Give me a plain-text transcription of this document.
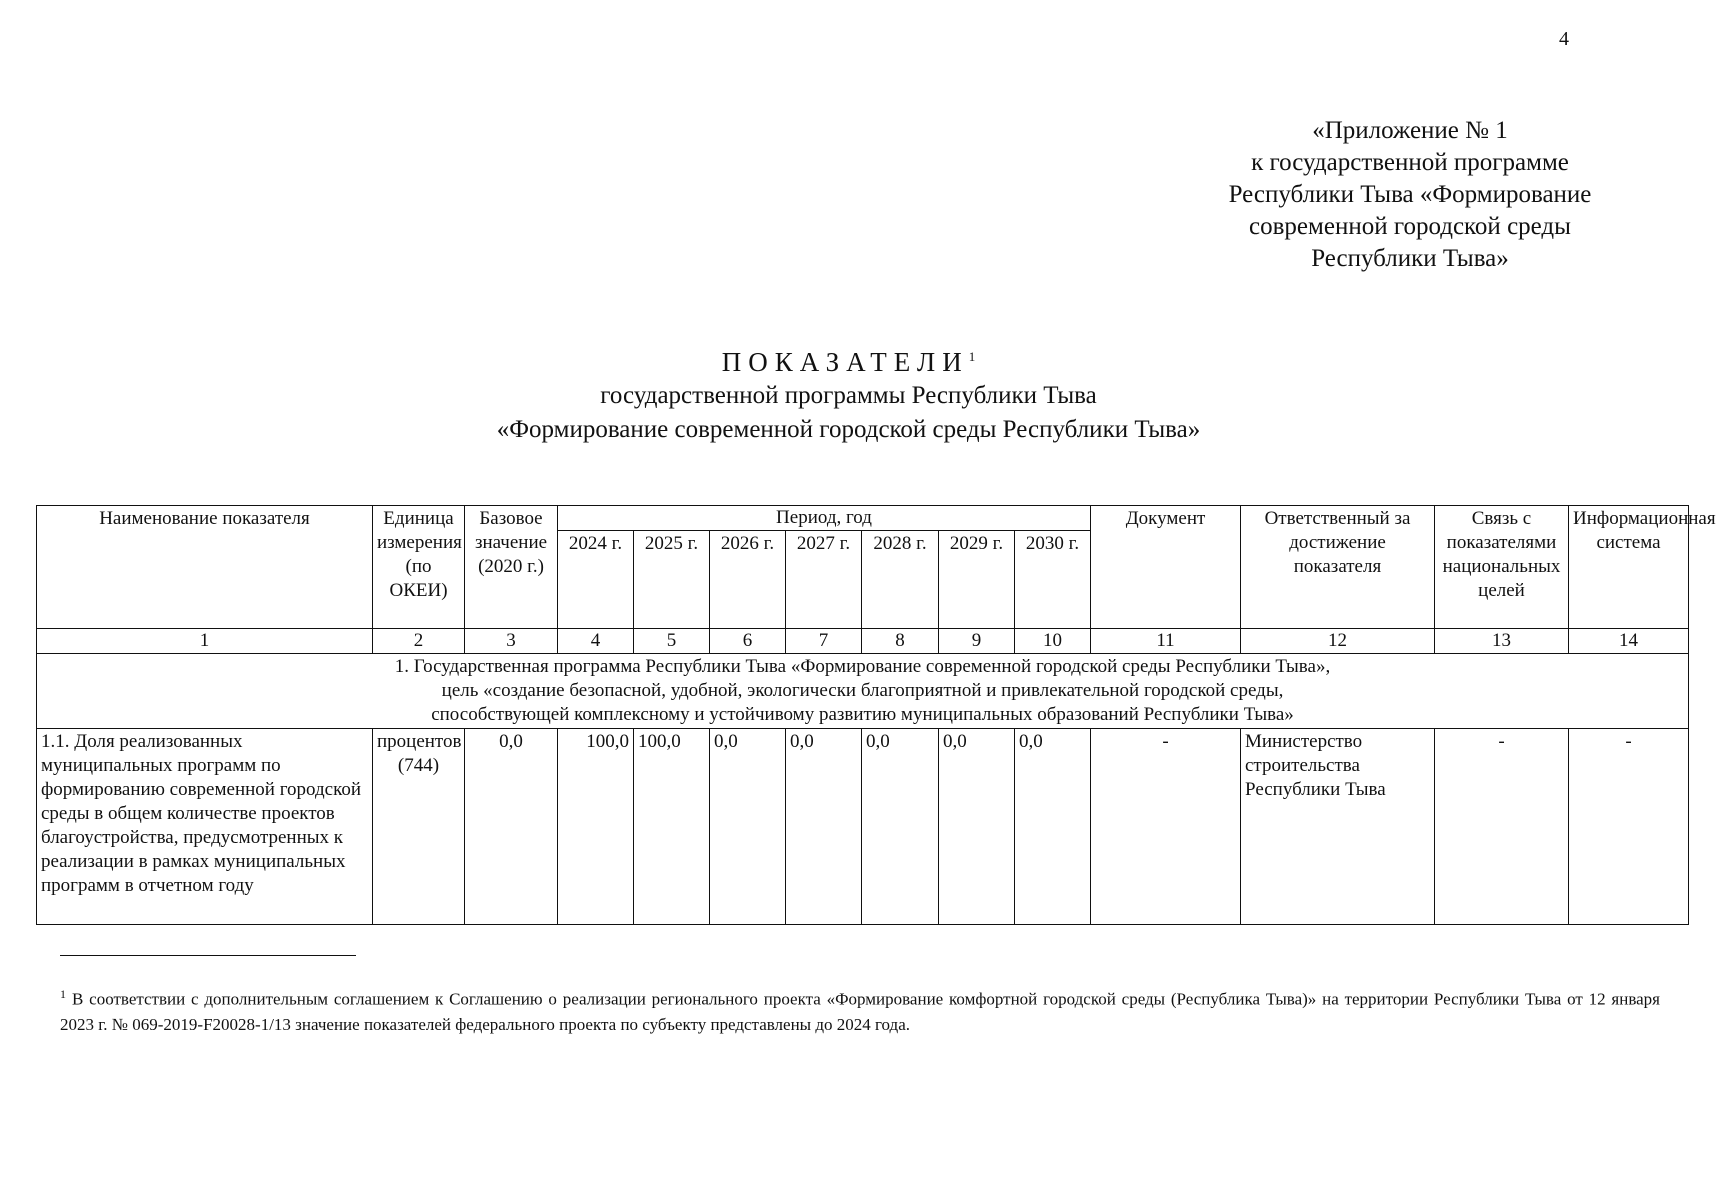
4
«Приложение № 1
к государственной программе
Республики Тыва «Формирование
современной городской среды
Республики Тыва»
ПОКАЗАТЕЛИ$^1$
государственной программы Республики Тыва
«Формирование современной городской среды Республики Тыва»
Наименование показателя	Единица измерения (по ОКЕИ)	Базовое значение (2020 г.)	Период, год							Документ	Ответственный за достижение показателя	Связь с показателями национальных целей	Информационная система
			2024 г.	2025 г.	2026 г.	2027 г.	2028 г.	2029 г.	2030 г.				
1	2	3	4	5	6	7	8	9	10	11	12	13	14

1. Государственная программа Республики Тыва «Формирование современной городской среды Республики Тыва»,
цель «создание безопасной, удобной, экологически благоприятной и привлекательной городской среды,
способствующей комплексному и устойчивому развитию муниципальных образований Республики Тыва»													

1.1. Доля реализованных муниципальных программ по формированию современной городской среды в общем количестве проектов благоустройства, предусмотренных к реализации в рамках муниципальных программ в отчетном году	процентов (744)	0,0	100,0	100,0	0,0	0,0	0,0	0,0	0,0	-	Министерство строительства Республики Тыва	-	-
$^1$ В соответствии с дополнительным соглашением к Соглашению о реализации регионального проекта «Формирование комфортной городской среды (Республика Тыва)» на территории Республики Тыва от 12 января 2023 г. № 069-2019-F20028-1/13 значение показателей федерального проекта по субъекту представлены до 2024 года.
